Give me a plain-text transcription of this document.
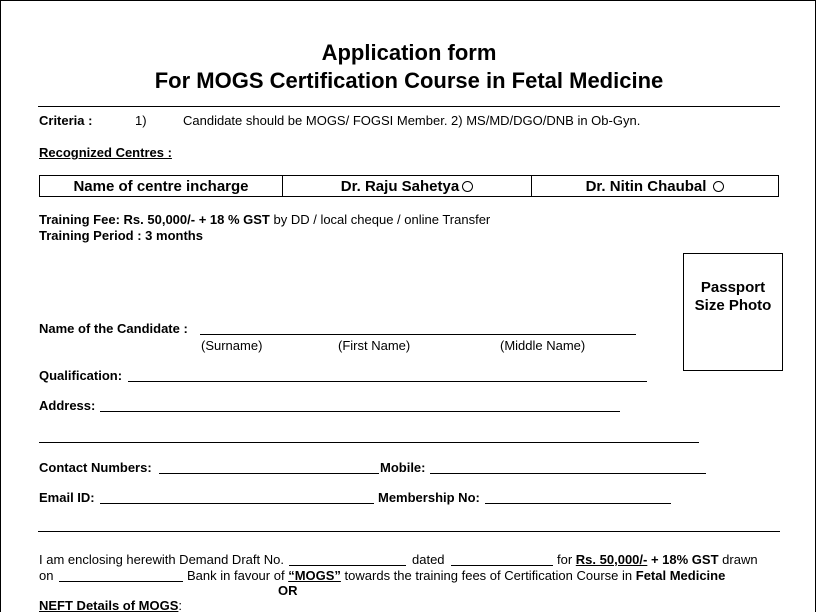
Application form
For MOGS Certification Course in Fetal Medicine
Criteria :	1)	Candidate should be MOGS/ FOGSI Member. 2) MS/MD/DGO/DNB in Ob-Gyn.
Recognized Centres :
Name of centre incharge	Dr. Raju Sahetya	Dr. Nitin Chaubal
Training Fee: Rs. 50,000/- + 18 % GST by DD / local cheque / online Transfer
Training Period : 3 months
Passport
Size Photo
Name of the Candidate :
(Surname)	(First Name)	(Middle Name)
Qualification:
Address:
Contact Numbers:	Mobile:
Email ID:	Membership No:
I am enclosing herewith Demand Draft No.	dated	for Rs. 50,000/- + 18% GST drawn
on	Bank in favour of “MOGS” towards the training fees of Certification Course in Fetal Medicine
OR
NEFT Details of MOGS:
